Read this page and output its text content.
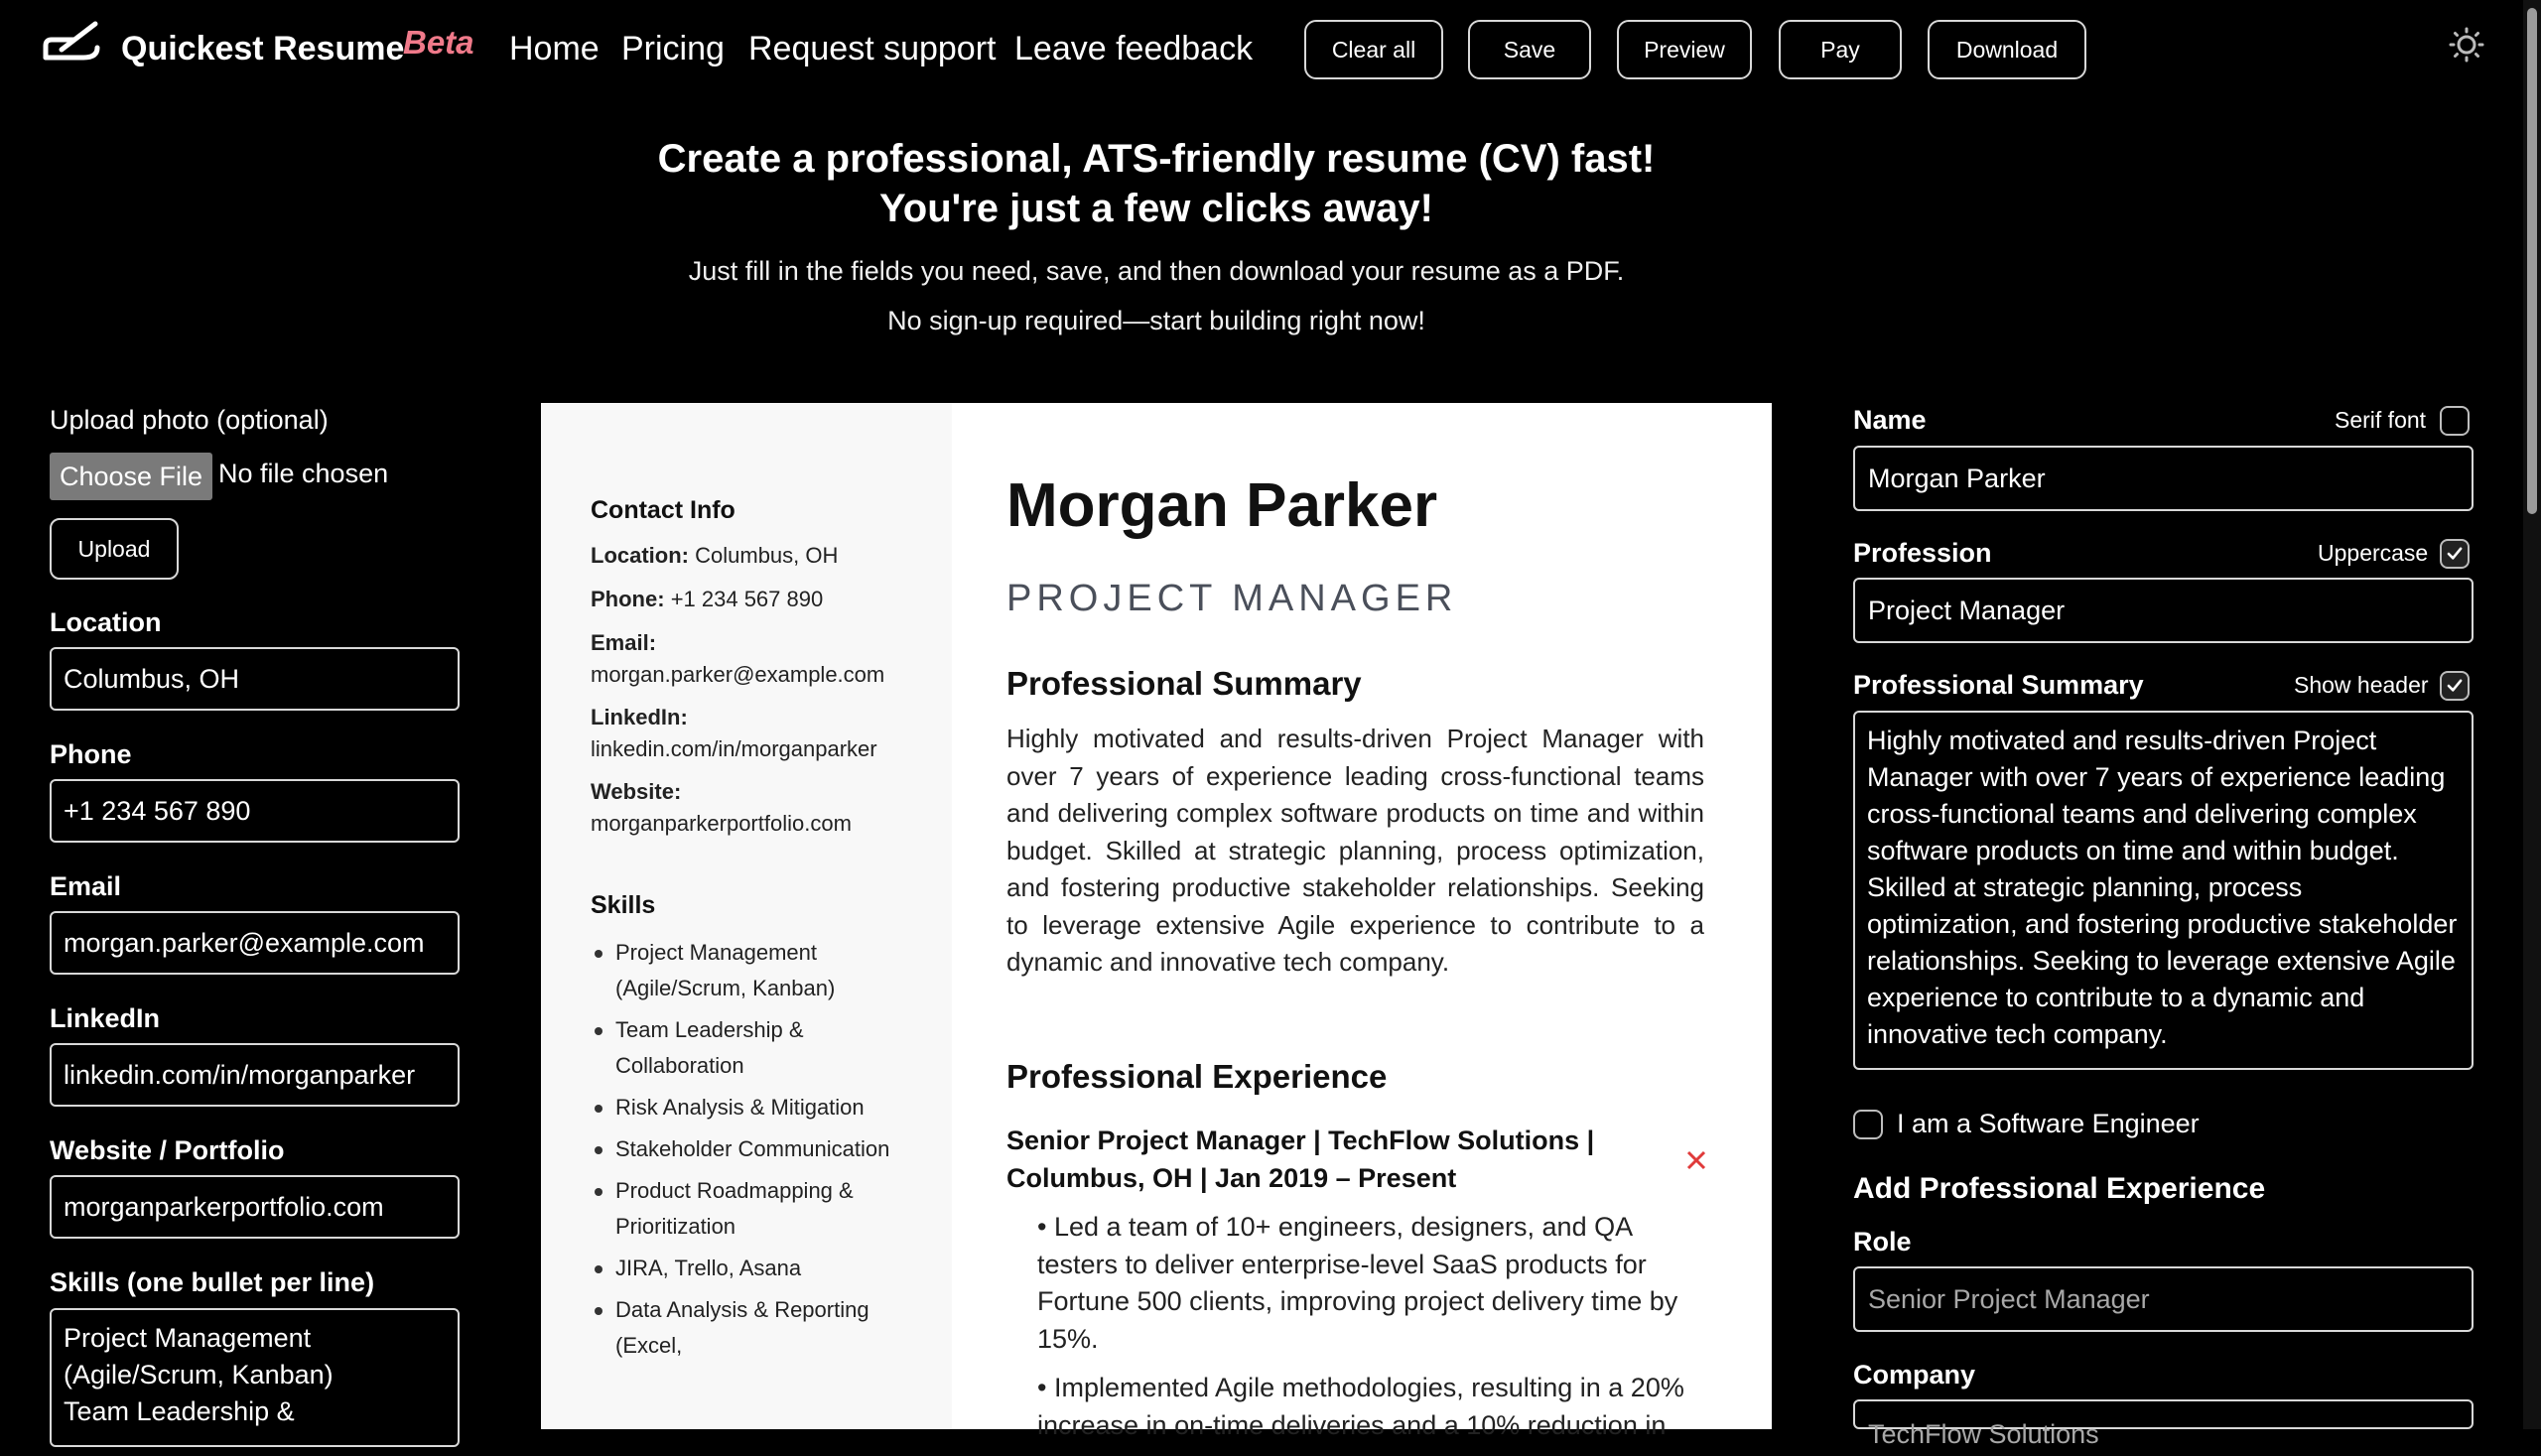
Quickest Resume
Beta Home Pricing Request support Leave feedback	Clear all	Save	Preview	Pay	Download
Create a professional, ATS-friendly resume (CV) fast!
You're just a few clicks away!
Just fill in the fields you need, save, and then download your resume as a PDF.
No sign-up required—start building right now!
Upload photo (optional)
Choose File No file chosen
Upload
Location
Columbus, OH
Phone
+1 234 567 890
Email
morgan.parker@example.com
LinkedIn
linkedin.com/in/morganparker
Website / Portfolio
morganparkerportfolio.com
Skills (one bullet per line)
Project Management
(Agile/Scrum, Kanban)
Team Leadership &
Contact Info
Location: Columbus, OH
Phone: +1 234 567 890
Email:
morgan.parker@example.com
LinkedIn:
linkedin.com/in/morganparker
Website:
morganparkerportfolio.com
Skills
Project Management (Agile/Scrum, Kanban)
Team Leadership & Collaboration
Risk Analysis & Mitigation
Stakeholder Communication
Product Roadmapping & Prioritization
JIRA, Trello, Asana
Data Analysis & Reporting (Excel,
Morgan Parker
PROJECT MANAGER
Professional Summary
Highly motivated and results-driven Project Manager with over 7 years of experience leading cross-functional teams and delivering complex software products on time and within budget. Skilled at strategic planning, process optimization, and fostering productive stakeholder relationships. Seeking to leverage extensive Agile experience to contribute to a dynamic and innovative tech company.
Professional Experience
Senior Project Manager | TechFlow Solutions | Columbus, OH | Jan 2019 – Present

• Led a team of 10+ engineers, designers, and QA testers to deliver enterprise-level SaaS products for Fortune 500 clients, improving project delivery time by 15%.

• Implemented Agile methodologies, resulting in a 20% increase in on-time deliveries and a 10% reduction in

Name	Serif font
Morgan Parker
Profession	Uppercase
Project Manager
Professional Summary	Show header
Highly motivated and results-driven Project Manager with over 7 years of experience leading cross-functional teams and delivering complex software products on time and within budget. Skilled at strategic planning, process optimization, and fostering productive stakeholder relationships. Seeking to leverage extensive Agile experience to contribute to a dynamic and innovative tech company.
I am a Software Engineer
Add Professional Experience
Role
Senior Project Manager
Company
TechFlow Solutions
